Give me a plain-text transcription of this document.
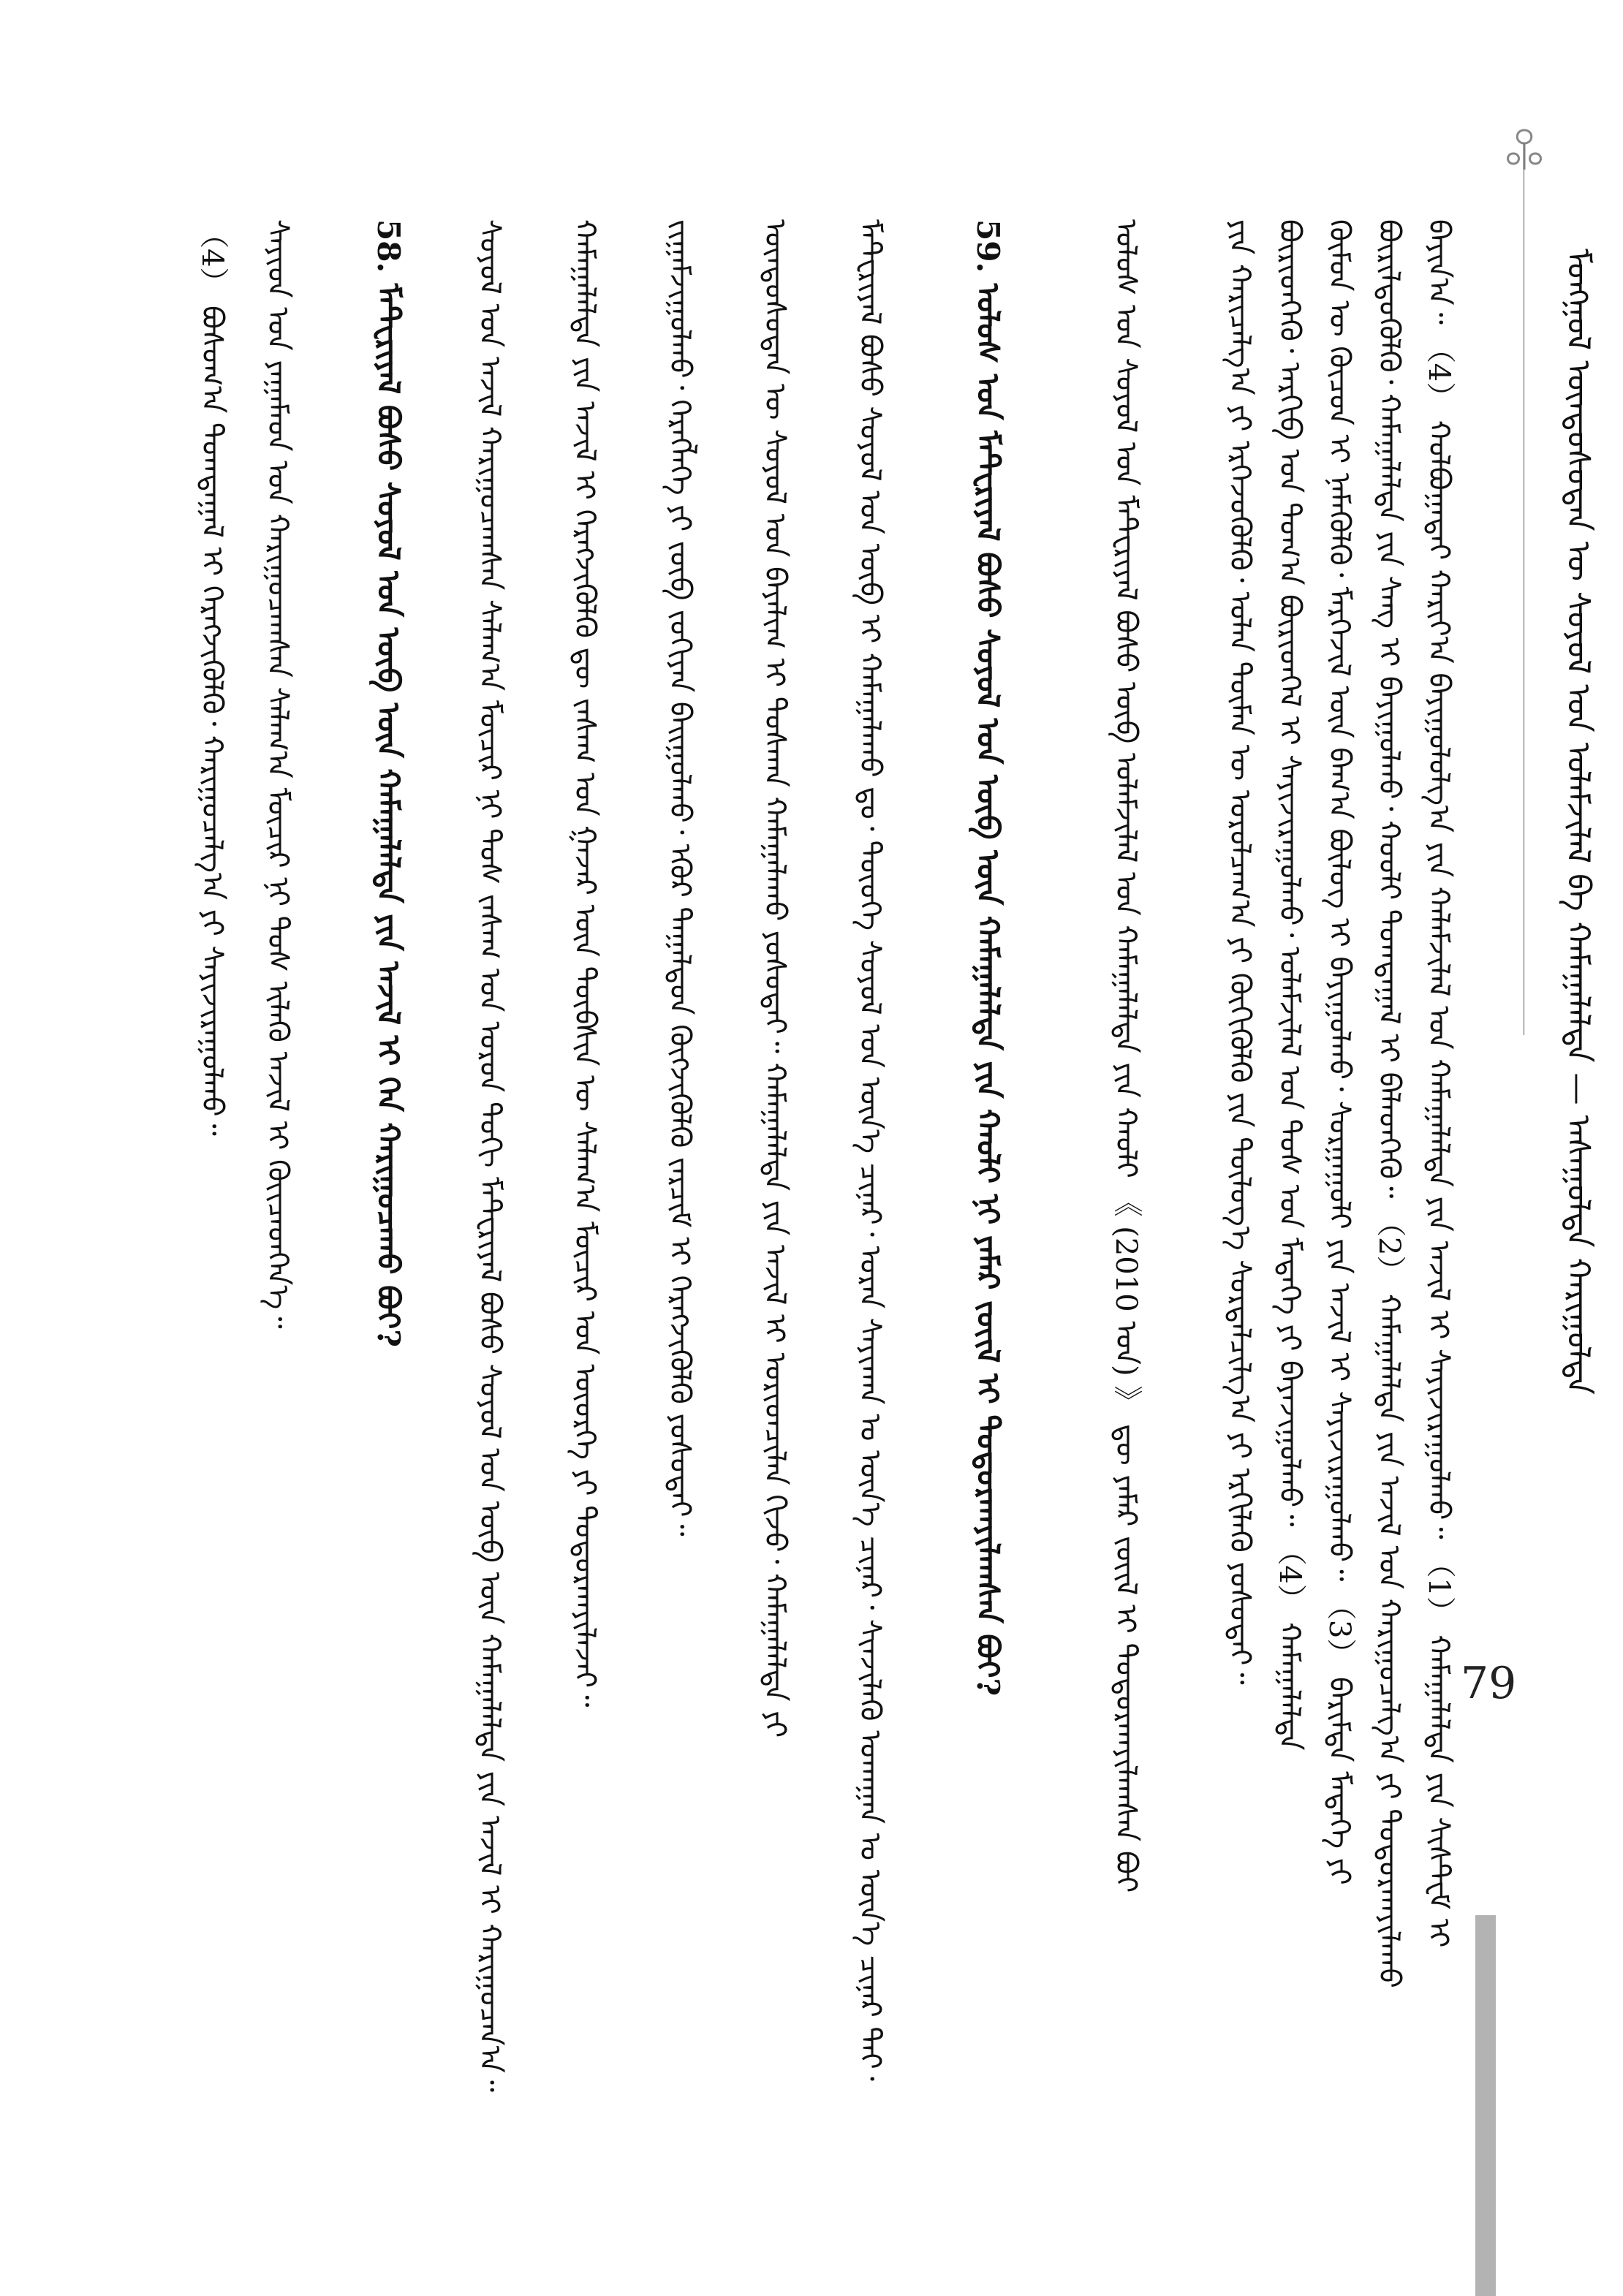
ᠮᠣᠩᠭᠣᠯ ᠦᠨᠳᠦᠰᠦᠲᠡᠨ ᠦ ᠰᠣᠶᠣᠯ ᠤᠨ ᠤᠯᠠᠮᠵᠢᠯᠠᠯ ᠪᠠ ᠬᠠᠮᠠᠭᠠᠯᠠᠯᠲᠠ — ᠠᠰᠠᠭᠤᠯᠲᠠ ᠬᠠᠷᠢᠭᠤᠯᠲᠠ
ᠪᠠᠶᠢᠨ᠎ᠠ᠃ （4） ᠬᠣᠯᠪᠣᠭᠠᠲᠠᠢ ᠬᠠᠷᠢᠶ᠎ᠠ ᠪᠠᠶᠢᠭᠤᠯᠤᠯᠭ᠎ᠠ ᠶᠢᠨ ᠬᠠᠯᠠᠮᠵᠢᠯᠠᠯ ᠤᠨ ᠬᠠᠮᠠᠭᠠᠯᠠᠯᠲᠠ ᠶᠢᠨ ᠠᠵᠢᠯ ᠢ ᠰᠠᠶᠢᠵᠢᠷᠠᠭᠤᠯᠬᠤ᠃ （1） ᠬᠠᠮᠠᠭᠠᠯᠠᠯᠲᠠ ᠶᠢᠨ ᠰᠢᠰᠲ᠋ᠧᠮ ᠢ
ᠪᠦᠷᠢᠯᠳᠦᠭᠦᠯᠬᠦ᠂ ᠬᠠᠮᠠᠭᠠᠯᠠᠯᠲᠠ ᠶᠢᠨ ᠰᠠᠩ ᠢ ᠪᠠᠶᠢᠭᠤᠯᠬᠤ᠂ ᠬᠤᠤᠯᠢ ᠲᠣᠭᠲᠠᠭᠠᠯ ᠢ ᠪᠡᠯᠡᠳᠬᠡᠬᠦ᠃ （2） ᠬᠠᠮᠠᠭᠠᠯᠠᠯᠲᠠ ᠶᠢᠨ ᠠᠵᠢᠯ ᠤᠨ ᠬᠠᠷᠢᠭᠤᠴᠠᠯᠭ᠎ᠠ ᠶᠢ ᠲᠣᠳᠣᠷᠬᠠᠶᠢᠯᠠᠬᠤ
ᠬᠦᠮᠦᠨ ᠦ ᠬᠦᠴᠦᠨ ᠢ ᠨᠡᠮᠡᠭᠦᠯᠬᠦ᠂ ᠮᠡᠷᠭᠡᠵᠢᠯ ᠦᠨ ᠪᠠᠭ᠎ᠠ ᠪᠦᠯᠦᠭ ᠢ ᠪᠠᠶᠢᠭᠤᠯᠬᠤ᠂ ᠰᠤᠷᠭᠠᠭᠤᠯᠢ ᠶᠢᠨ ᠠᠵᠢᠯ ᠢ ᠰᠠᠶᠢᠵᠢᠷᠠᠭᠤᠯᠬᠤ᠃ （3） ᠪᠠᠷᠢᠮᠲᠠ ᠮᠡᠳᠡᠭᠡ ᠶᠢ
ᠪᠦᠷᠢᠳᠬᠡᠬᠦ᠂ ᠠᠷᠬᠢᠪ ᠤᠨ ᠲᠣᠭ᠎ᠠ ᠪᠦᠷᠢᠳᠬᠡᠯ ᠢ ᠰᠠᠶᠢᠵᠢᠷᠠᠭᠤᠯᠬᠤ᠂ ᠤᠯᠠᠮᠵᠢᠯᠠᠯ ᠤᠨ ᠳᠣᠰ ᠤᠨ ᠮᠡᠳᠡᠭᠡ ᠶᠢ ᠪᠠᠶᠠᠵᠢᠭᠤᠯᠬᠤ᠃ （4） ᠬᠠᠮᠠᠭᠠᠯᠠᠯᠲᠠ
ᠶᠢᠨ ᠬᠠᠷᠢᠴᠠᠯᠭ᠎ᠠ ᠶᠢ ᠡᠷᠬᠡᠵᠦᠭᠦᠯᠬᠦ᠂ ᠣᠯᠠᠨ ᠲᠦᠮᠡᠨ ᠦ ᠣᠷᠣᠯᠴᠠᠭ᠎ᠠ ᠶᠢ ᠬᠥᠬᠢᠭᠦᠯᠬᠦ ᠶᠢᠨ ᠲᠥᠯᠦᠭ᠎ᠡ ᠰᠤᠷᠲᠠᠯᠴᠢᠯᠭ᠎ᠠ ᠶᠢ ᠡᠷᠬᠢᠯᠡᠬᠦ ᠶᠣᠰᠣᠲᠠᠢ᠃
ᠤᠯᠤᠰ ᠤᠨ ᠰᠣᠶᠣᠯ ᠤᠨ ᠮᠠᠲ᠋ᠧᠷᠢᠶᠠᠯ ᠪᠤᠰᠤ ᠥᠪ ᠤᠯᠠᠮᠵᠢᠯᠠᠯ ᠤᠨ ᠬᠠᠮᠠᠭᠠᠯᠠᠯᠲᠠ ᠶᠢᠨ ᠬᠠᠤᠯᠢ 《 (2010 ᠣᠨ) 》 ᠳᠦ ᠶᠠᠮᠠᠷ ᠵᠦᠢᠯ ᠢ ᠲᠣᠳᠣᠷᠬᠠᠶᠢᠯᠠᠭᠰᠠᠨ ᠪᠤᠢ
59. ᠤᠯᠤᠰ ᠤᠨ ᠮᠠᠲ᠋ᠧᠷᠢᠶᠠᠯ ᠪᠤᠰᠤ ᠰᠣᠶᠣᠯ ᠤᠨ ᠥᠪ ᠦᠨ ᠬᠠᠮᠠᠭᠠᠯᠠᠯᠲᠠ ᠶᠢᠨ ᠬᠠᠤᠯᠢ ᠨᠢ ᠶᠠᠮᠠᠷ ᠵᠦᠢᠯ ᠢ ᠲᠣᠳᠣᠷᠬᠠᠶᠢᠯᠠᠭᠰᠠᠨ ᠪᠤᠢ?
ᠮᠠᠲ᠋ᠧᠷᠢᠶᠠᠯ ᠪᠤᠰᠤ ᠰᠣᠶᠣᠯ ᠤᠨ ᠥᠪ ᠢ ᠬᠠᠮᠠᠭᠠᠯᠠᠬᠤ ᠳᠤ᠂ ᠲᠦᠦᠬᠡ ᠰᠣᠶᠣᠯ ᠤᠨ ᠦᠨ᠎ᠡ ᠴᠢᠨᠠᠷ᠂ ᠤᠷᠠᠨ ᠰᠠᠶᠢᠬᠠᠨ ᠤ ᠦᠨ᠎ᠡ ᠴᠢᠨᠠᠷ᠂ ᠰᠢᠨᠵᠢᠯᠡᠬᠦ ᠤᠬᠠᠭᠠᠨ ᠤ ᠦᠨ᠎ᠡ ᠴᠢᠨᠠᠷ ᠲᠠᠢ᠂
ᠦᠨᠳᠦᠰᠦᠲᠡᠨ ᠦ ᠰᠣᠶᠣᠯ ᠤᠨ ᠪᠠᠶᠠᠯᠢᠭ ᠢ ᠲᠤᠰᠬᠠᠨ ᠬᠠᠮᠠᠭᠠᠯᠠᠬᠤ ᠶᠣᠰᠣᠲᠠᠢ᠃ ᠬᠠᠮᠠᠭᠠᠯᠠᠯᠲᠠ ᠶᠢᠨ ᠠᠵᠢᠯ ᠢ ᠤᠷᠢᠳᠴᠢᠯᠠᠨ ᠬᠢᠵᠦ᠂ ᠬᠠᠮᠠᠭᠠᠯᠠᠯᠲᠠ ᠶᠢ
ᠵᠢᠭᠠᠮᠵᠢᠭᠤᠯᠬᠤ᠂ ᠬᠡᠷᠡᠭᠯᠡᠭᠡ ᠶᠢ ᠵᠥᠪ ᠵᠣᠬᠢᠶᠠᠨ ᠪᠠᠢᠭᠤᠯᠬᠤ᠂ ᠡᠭᠦᠷ ᠳᠠᠭᠠᠯᠳᠤᠨ ᠬᠥᠭᠵᠢᠭᠦᠯᠬᠦ ᠵᠠᠷᠴᠢᠮ ᠢ ᠬᠡᠷᠡᠭᠵᠢᠭᠦᠯᠬᠦ ᠶᠣᠰᠣᠲᠠᠢ᠃
ᠬᠠᠮᠠᠭᠠᠯᠠᠯᠲᠠ ᠶᠢᠨ ᠠᠵᠢᠯ ᠢ ᠬᠡᠷᠡᠭᠵᠢᠭᠦᠯᠬᠦ ᠳᠦ ᠵᠠᠰᠠᠭ ᠤᠨ ᠭᠠᠵᠠᠷ ᠦᠨ ᠲᠦᠪᠰᠢᠨ ᠦ ᠰᠠᠯᠠᠭ᠎ᠠ ᠮᠥᠴᠢᠷ ᠤᠨ ᠦᠦᠷᠭᠡ ᠶᠢ ᠲᠣᠳᠣᠷᠬᠠᠶᠢᠯᠠᠵᠠᠢ᠃
ᠰᠣᠶᠣᠯ ᠤᠨ ᠠᠵᠢᠯ ᠬᠠᠷᠢᠭᠤᠴᠠᠭᠰᠠᠨ ᠰᠠᠯᠠᠭ᠎ᠠ ᠮᠥᠴᠢᠷ ᠨᠢ ᠲᠤᠰ ᠵᠠᠰᠠᠭ ᠤᠨ ᠣᠷᠣᠨ ᠳᠤᠬᠢ ᠮᠠᠲ᠋ᠧᠷᠢᠶᠠᠯ ᠪᠤᠰᠤ ᠰᠣᠶᠣᠯ ᠤᠨ ᠥᠪ ᠦᠨ ᠬᠠᠮᠠᠭᠠᠯᠠᠯᠲᠠ ᠶᠢᠨ ᠠᠵᠢᠯ ᠢ ᠬᠠᠷᠢᠭᠤᠴᠠᠨ᠎ᠠ᠃
58. ᠮᠠᠲ᠋ᠧᠷᠢᠶᠠᠯ ᠪᠤᠰᠤ ᠰᠣᠶᠣᠯ ᠤᠨ ᠥᠪ ᠦᠨ ᠬᠠᠮᠠᠭᠠᠯᠠᠯᠲᠠ ᠶᠢᠨ ᠠᠵᠢᠯ ᠢ ᠬᠡᠨ ᠬᠠᠷᠢᠭᠤᠴᠠᠬᠤ ᠪᠤᠢ?
ᠰᠠᠶᠢᠳ ᠤᠨ ᠶᠠᠭᠠᠮᠠᠳ ᠤᠨ ᠬᠠᠷᠢᠭᠤᠴᠠᠭᠰᠠᠨ ᠰᠠᠯᠠᠭ᠎ᠠ ᠮᠥᠴᠢᠷ ᠨᠢ ᠲᠤᠰ ᠢᠯᠡᠭᠦ ᠠᠵᠢᠯ ᠢ ᠭᠦᠢᠴᠡᠳᠬᠡᠨ᠎ᠡ᠃
（4） ᠪᠣᠰᠣᠭ᠎ᠠ ᠲᠣᠭᠲᠠᠭᠠᠯ ᠢ ᠬᠡᠷᠡᠭᠵᠢᠭᠦᠯᠬᠦ᠂ ᠬᠠᠷᠢᠭᠤᠴᠠᠯᠭ᠎ᠠ ᠶᠢ ᠰᠠᠶᠢᠵᠢᠷᠠᠭᠤᠯᠬᠤ᠃
79
